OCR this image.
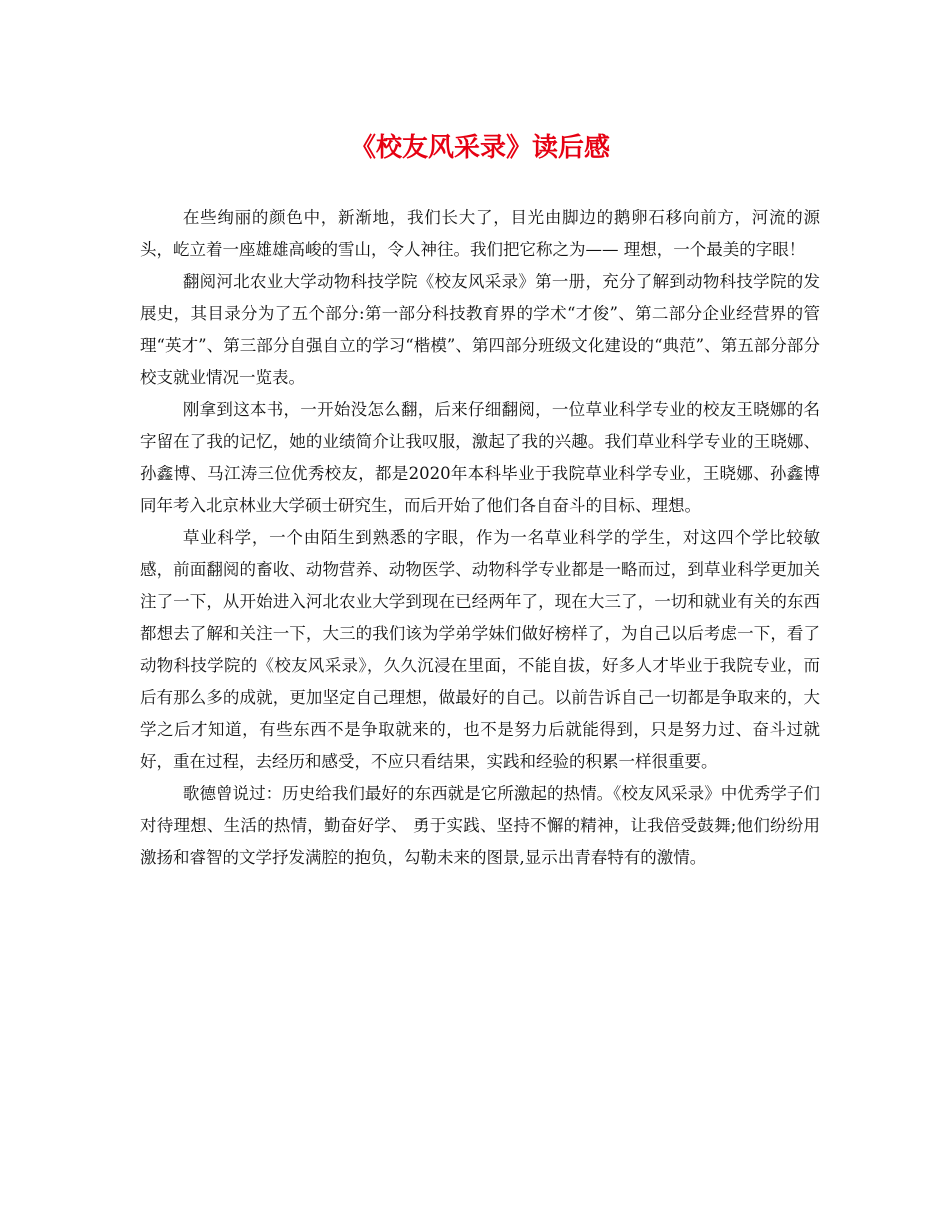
《校友风采录》读后感

在些绚丽的颜色中，新渐地，我们长大了，目光由脚边的鹅卵石移向前方，河流的源头，屹立着一座雄雄高峻的雪山，令人神往。我们把它称之为—— 理想，一个最美的字眼！

翻阅河北农业大学动物科技学院《校友风采录》第一册，充分了解到动物科技学院的发展史，其目录分为了五个部分:第一部分科技教育界的学术“才俊”、第二部分企业经营界的管理“英才”、第三部分自强自立的学习“楷模”、第四部分班级文化建设的“典范”、第五部分部分校支就业情况一览表。

刚拿到这本书，一开始没怎么翻，后来仔细翻阅，一位草业科学专业的校友王晓娜的名字留在了我的记忆，她的业绩简介让我叹服，激起了我的兴趣。我们草业科学专业的王晓娜、孙鑫博、马江涛三位优秀校友，都是2020年本科毕业于我院草业科学专业，王晓娜、孙鑫博同年考入北京林业大学硕士研究生，而后开始了他们各自奋斗的目标、理想。

草业科学，一个由陌生到熟悉的字眼，作为一名草业科学的学生，对这四个学比较敏感，前面翻阅的畜收、动物营养、动物医学、动物科学专业都是一略而过，到草业科学更加关注了一下，从开始进入河北农业大学到现在已经两年了，现在大三了，一切和就业有关的东西都想去了解和关注一下，大三的我们该为学弟学妹们做好榜样了，为自己以后考虑一下，看了动物科技学院的《校友风采录》，久久沉浸在里面，不能自拔，好多人才毕业于我院专业，而后有那么多的成就，更加坚定自己理想，做最好的自己。以前告诉自己一切都是争取来的，大学之后才知道，有些东西不是争取就来的，也不是努力后就能得到，只是努力过、奋斗过就好，重在过程，去经历和感受，不应只看结果，实践和经验的积累一样很重要。

歌德曾说过：历史给我们最好的东西就是它所激起的热情。《校友风采录》中优秀学子们对待理想、生活的热情，勤奋好学、 勇于实践、坚持不懈的精神，让我倍受鼓舞;他们纷纷用激扬和睿智的文学抒发满腔的抱负，勾勒未来的图景,显示出青春特有的激情。
